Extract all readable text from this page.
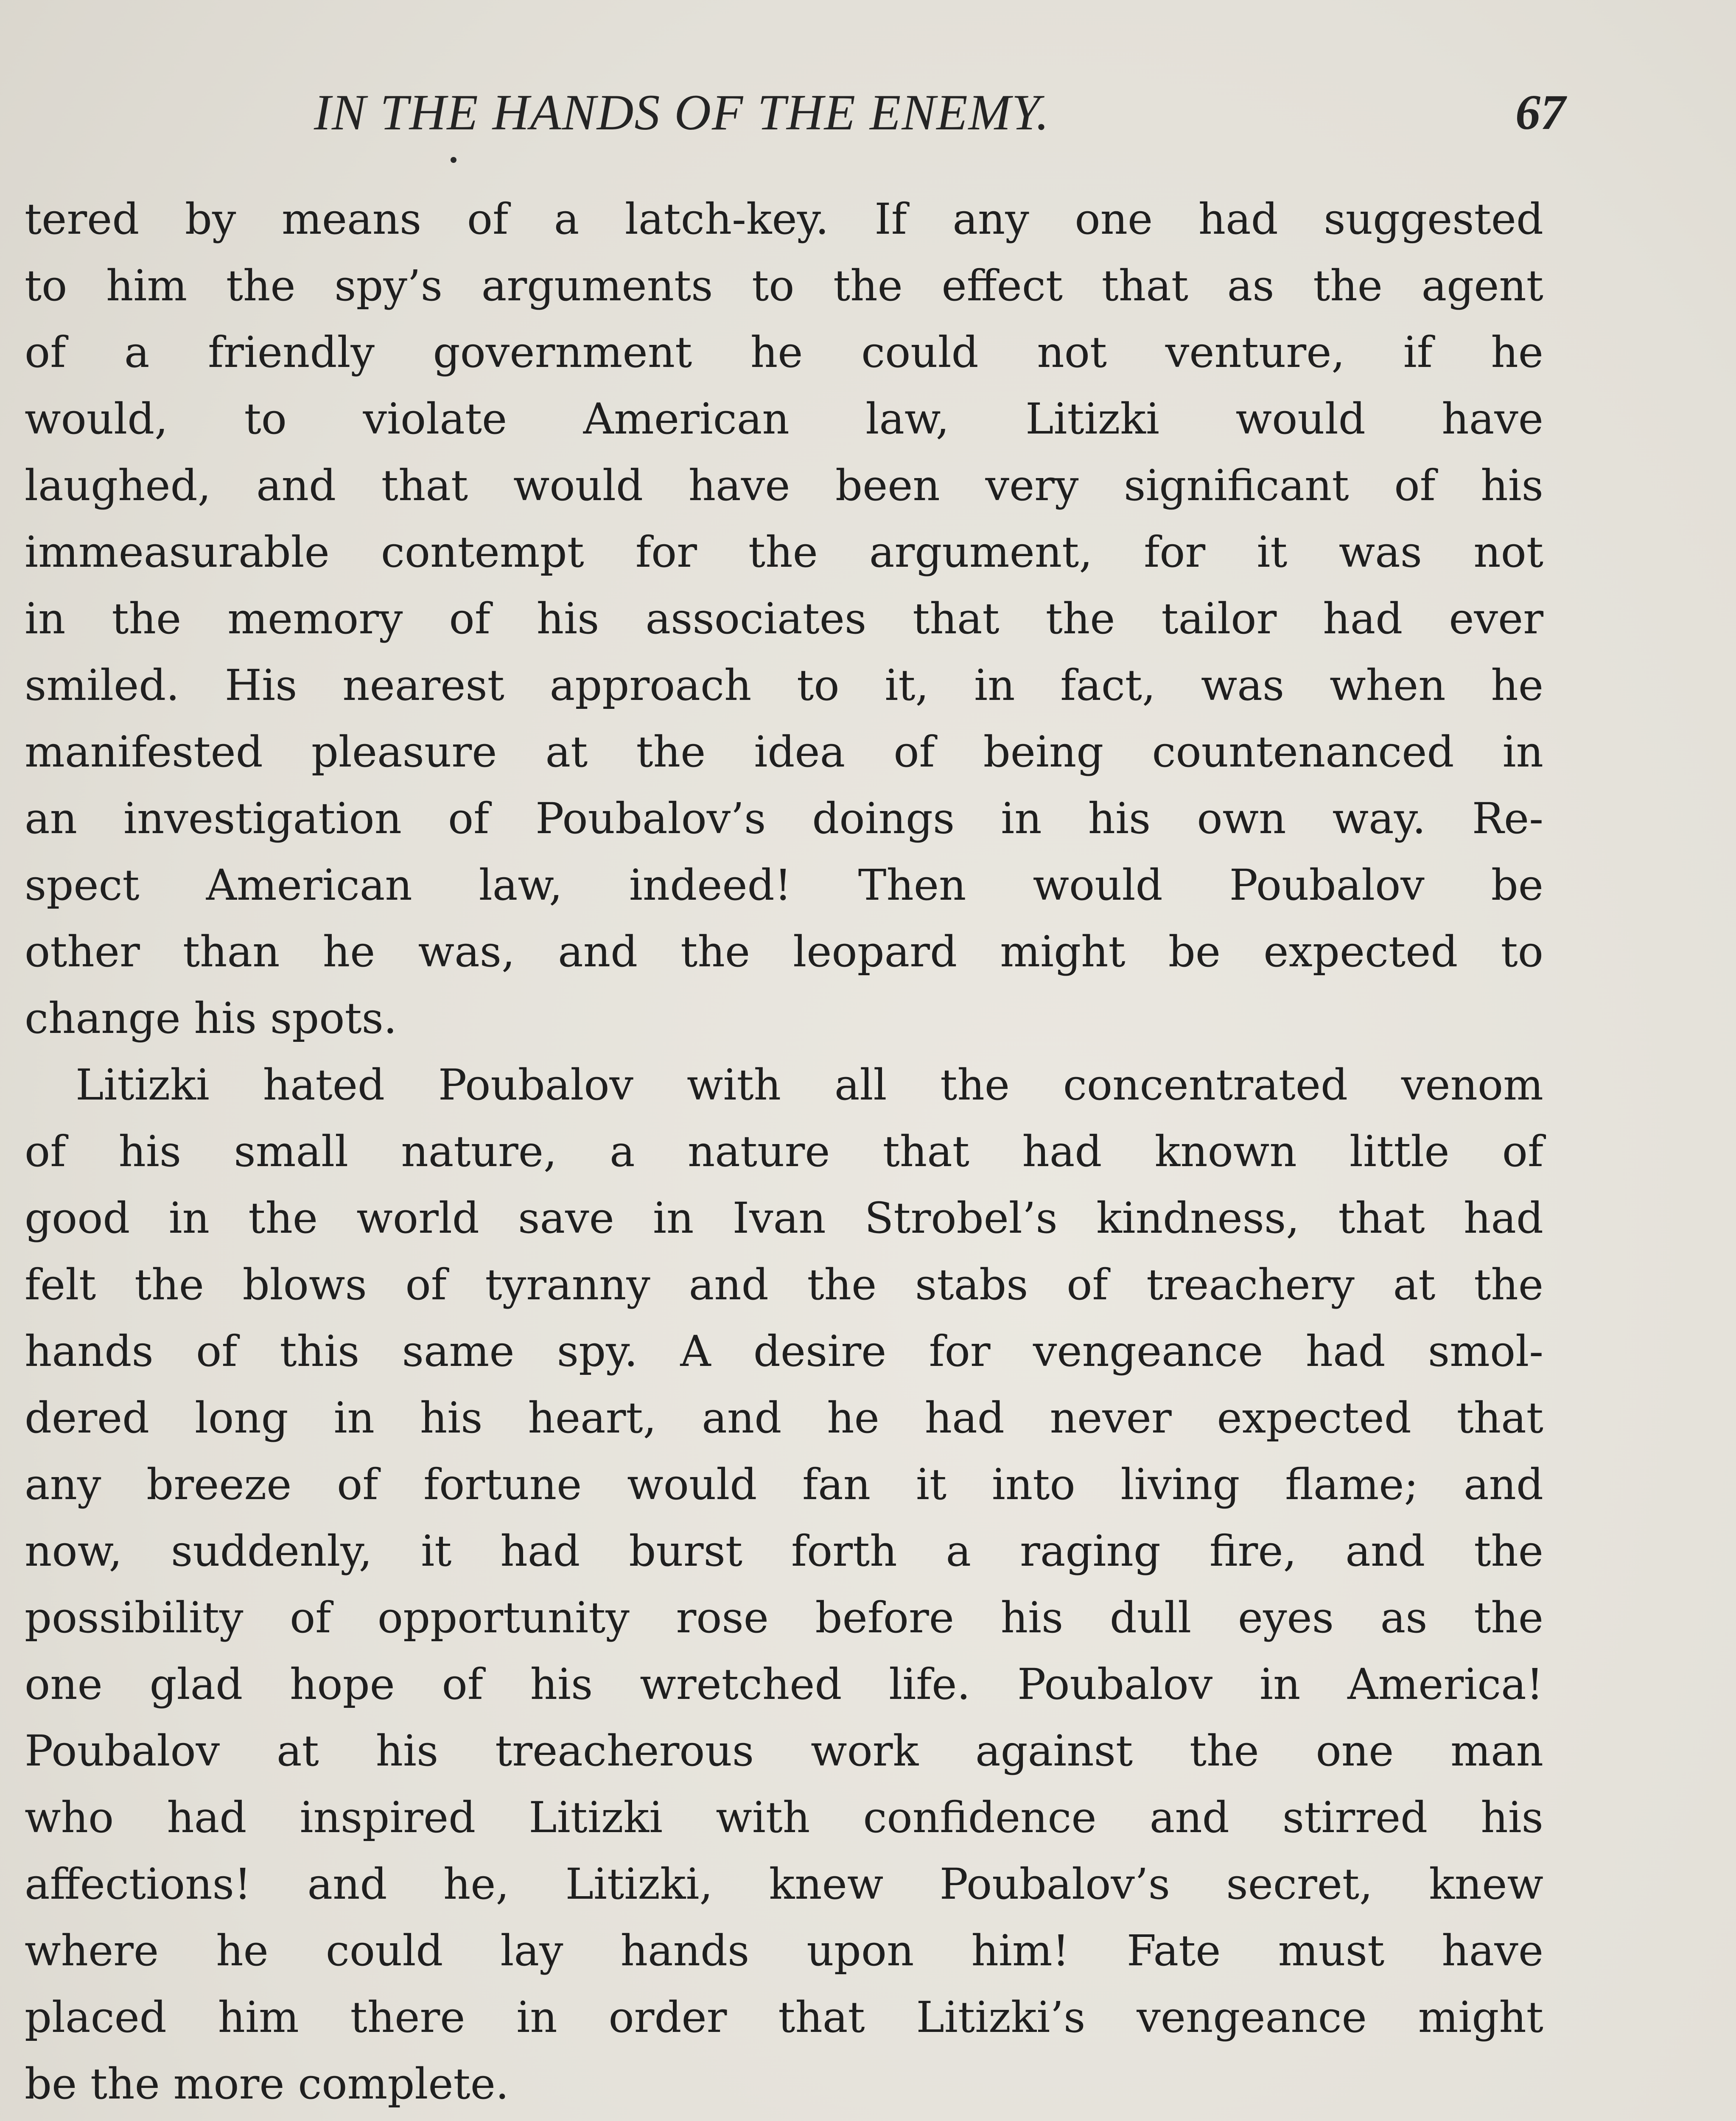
IN THE HANDS OF THE ENEMY.	67
tered by means of a latch-key. If any one had suggested
to him the spy’s arguments to the effect that as the agent
of a friendly government he could not venture, if he
would, to violate American law, Litizki would have
laughed, and that would have been very significant of his
immeasurable contempt for the argument, for it was not
in the memory of his associates that the tailor had ever
smiled. His nearest approach to it, in fact, was when he
manifested pleasure at the idea of being countenanced in
an investigation of Poubalov’s doings in his own way. Re-
spect American law, indeed! Then would Poubalov be
other than he was, and the leopard might be expected to
change his spots.
Litizki hated Poubalov with all the concentrated venom
of his small nature, a nature that had known little of
good in the world save in Ivan Strobel’s kindness, that had
felt the blows of tyranny and the stabs of treachery at the
hands of this same spy. A desire for vengeance had smol-
dered long in his heart, and he had never expected that
any breeze of fortune would fan it into living flame; and
now, suddenly, it had burst forth a raging fire, and the
possibility of opportunity rose before his dull eyes as the
one glad hope of his wretched life. Poubalov in America!
Poubalov at his treacherous work against the one man
who had inspired Litizki with confidence and stirred his
affections! and he, Litizki, knew Poubalov’s secret, knew
where he could lay hands upon him! Fate must have
placed him there in order that Litizki’s vengeance might
be the more complete.
